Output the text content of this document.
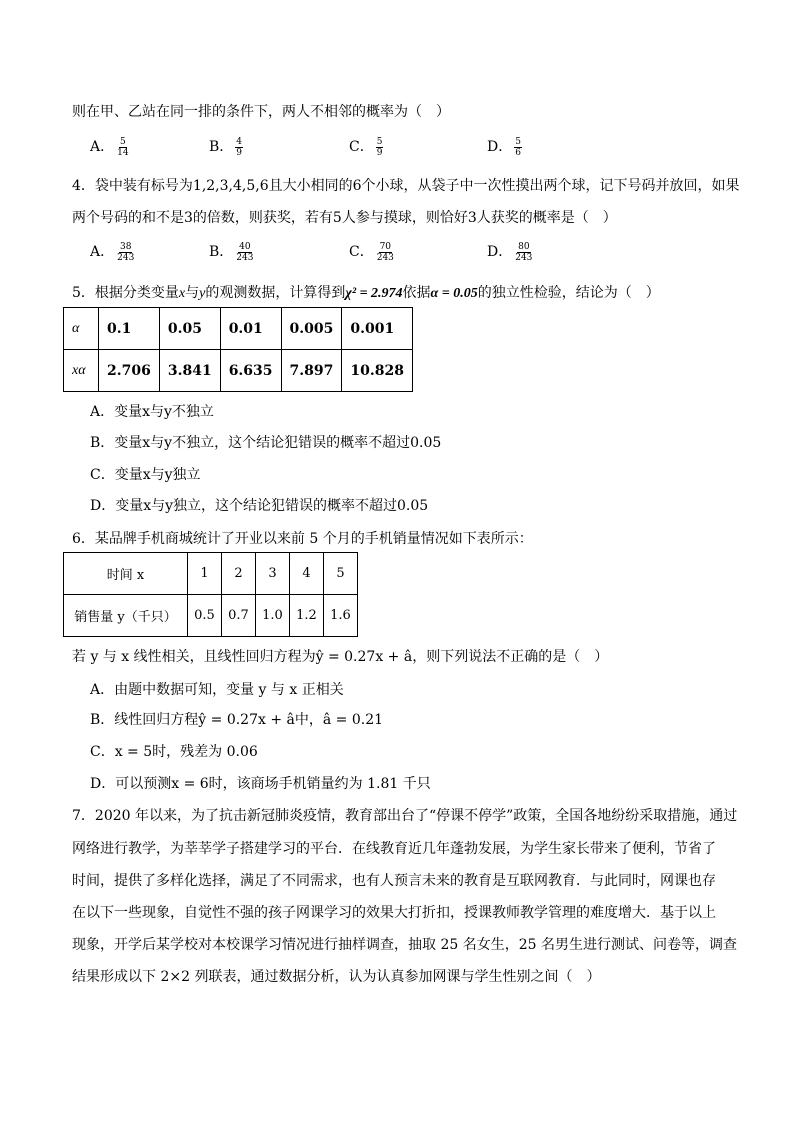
则在甲、乙站在同一排的条件下，两人不相邻的概率为（　）
A． $\frac{5}{14}$	B． $\frac{4}{9}$	C． $\frac{5}{9}$	D． $\frac{5}{6}$
4．袋中装有标号为1,2,3,4,5,6且大小相同的6个小球，从袋子中一次性摸出两个球，记下号码并放回，如果
两个号码的和不是3的倍数，则获奖，若有5人参与摸球，则恰好3人获奖的概率是（　）
A． $\frac{38}{243}$	B． $\frac{40}{243}$	C． $\frac{70}{243}$	D． $\frac{80}{243}$
5．根据分类变量x与y的观测数据，计算得到χ² = 2.974依据α = 0.05的独立性检验，结论为（　）
α	0.1	0.05	0.01	0.005	0.001
xα	2.706	3.841	6.635	7.897	10.828
A．变量x与y不独立
B．变量x与y不独立，这个结论犯错误的概率不超过0.05
C．变量x与y独立
D．变量x与y独立，这个结论犯错误的概率不超过0.05
6．某品牌手机商城统计了开业以来前 5 个月的手机销量情况如下表所示：
时间 x	1	2	3	4	5
销售量 y（千只）	0.5	0.7	1.0	1.2	1.6
若 y 与 x 线性相关，且线性回归方程为ŷ = 0.27x + â，则下列说法不正确的是（　）
A．由题中数据可知，变量 y 与 x 正相关
B．线性回归方程ŷ = 0.27x + â中，â = 0.21
C．x = 5时，残差为 0.06
D．可以预测x = 6时，该商场手机销量约为 1.81 千只
7．2020 年以来，为了抗击新冠肺炎疫情，教育部出台了“停课不停学”政策，全国各地纷纷采取措施，通过
网络进行教学，为莘莘学子搭建学习的平台．在线教育近几年蓬勃发展，为学生家长带来了便利，节省了
时间，提供了多样化选择，满足了不同需求，也有人预言未来的教育是互联网教育．与此同时，网课也存
在以下一些现象，自觉性不强的孩子网课学习的效果大打折扣，授课教师教学管理的难度增大．基于以上
现象，开学后某学校对本校课学习情况进行抽样调查，抽取 25 名女生，25 名男生进行测试、问卷等，调查
结果形成以下 2×2 列联表，通过数据分析，认为认真参加网课与学生性别之间（　）
